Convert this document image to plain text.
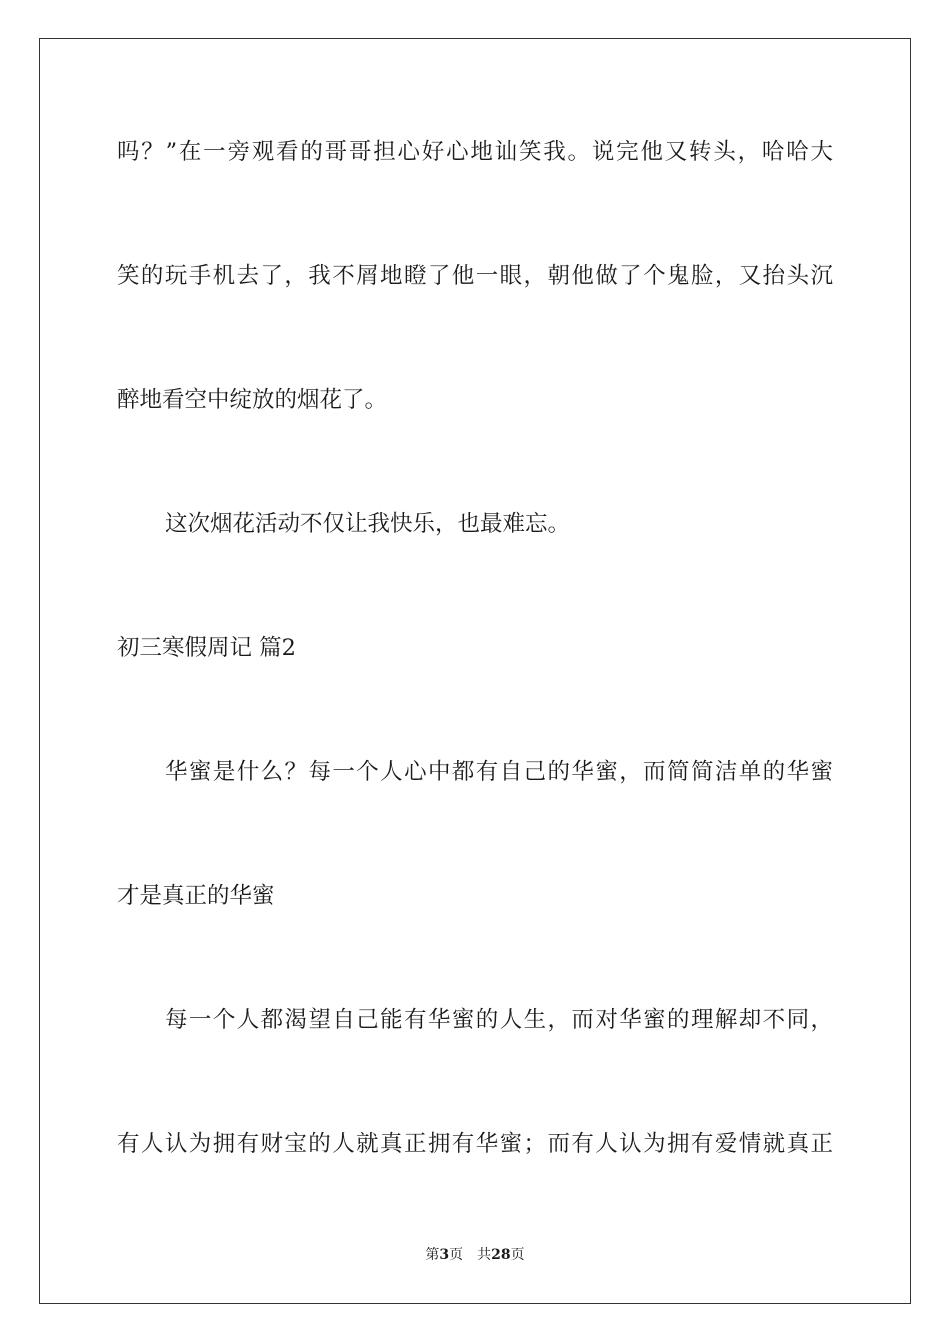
吗？”在一旁观看的哥哥担心好心地讪笑我。说完他又转头，哈哈大
笑的玩手机去了，我不屑地瞪了他一眼，朝他做了个鬼脸，又抬头沉
醉地看空中绽放的烟花了。
这次烟花活动不仅让我快乐，也最难忘。
初三寒假周记 篇2
华蜜是什么？每一个人心中都有自己的华蜜，而简简洁单的华蜜
才是真正的华蜜
每一个人都渴望自己能有华蜜的人生，而对华蜜的理解却不同，
有人认为拥有财宝的人就真正拥有华蜜；而有人认为拥有爱情就真正
第3页 共28页
